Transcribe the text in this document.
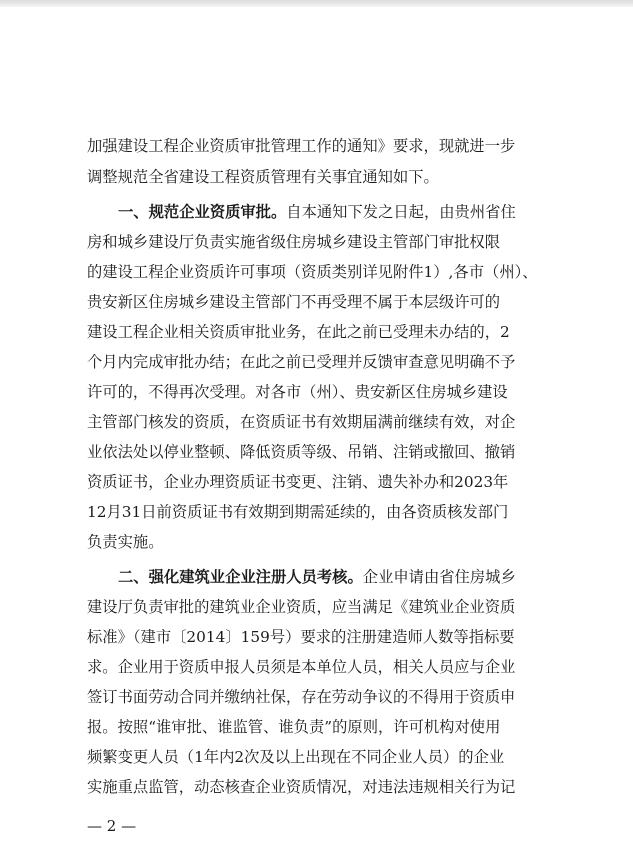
加强建设工程企业资质审批管理工作的通知》要求，现就进一步
调整规范全省建设工程资质管理有关事宜通知如下。
一、规范企业资质审批。自本通知下发之日起，由贵州省住
房和城乡建设厅负责实施省级住房城乡建设主管部门审批权限
的建设工程企业资质许可事项（资质类别详见附件1）,各市（州）、
贵安新区住房城乡建设主管部门不再受理不属于本层级许可的
建设工程企业相关资质审批业务，在此之前已受理未办结的，2
个月内完成审批办结；在此之前已受理并反馈审查意见明确不予
许可的，不得再次受理。对各市（州）、贵安新区住房城乡建设
主管部门核发的资质，在资质证书有效期届满前继续有效，对企
业依法处以停业整顿、降低资质等级、吊销、注销或撤回、撤销
资质证书，企业办理资质证书变更、注销、遗失补办和2023年
12月31日前资质证书有效期到期需延续的，由各资质核发部门
负责实施。
二、强化建筑业企业注册人员考核。企业申请由省住房城乡
建设厅负责审批的建筑业企业资质，应当满足《建筑业企业资质
标准》（建市〔2014〕159号）要求的注册建造师人数等指标要
求。企业用于资质申报人员须是本单位人员，相关人员应与企业
签订书面劳动合同并缴纳社保，存在劳动争议的不得用于资质申
报。按照“谁审批、谁监管、谁负责”的原则，许可机构对使用
频繁变更人员（1年内2次及以上出现在不同企业人员）的企业
实施重点监管，动态核查企业资质情况，对违法违规相关行为记
— 2 —
